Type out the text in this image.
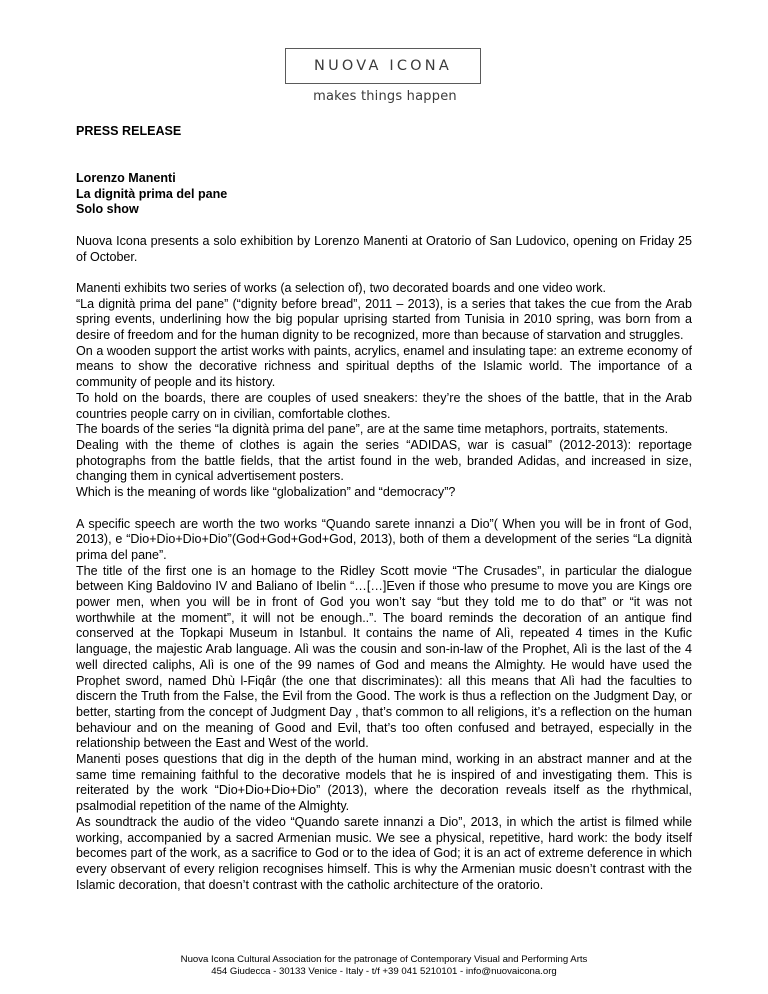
NUOVA ICONA
makes things happen

PRESS RELEASE

Lorenzo Manenti
La dignità prima del pane
Solo show

Nuova Icona presents a solo exhibition by Lorenzo Manenti at Oratorio of San Ludovico, opening on Friday 25 of October.

Manenti exhibits two series of works (a selection of), two decorated boards and one video work.

“La dignità prima del pane” (“dignity before bread”, 2011 – 2013), is a series that takes the cue from the Arab spring events, underlining how the big popular uprising started from Tunisia in 2010 spring, was born from a desire of freedom and for the human dignity to be recognized, more than because of starvation and struggles.

On a wooden support the artist works with paints, acrylics, enamel and insulating tape: an extreme economy of means to show the decorative richness and spiritual depths of the Islamic world. The importance of a community of people and its history.

To hold on the boards, there are couples of used sneakers: they’re the shoes of the battle, that in the Arab countries people carry on in civilian, comfortable clothes.

The boards of the series “la dignità prima del pane”, are at the same time metaphors, portraits, statements.

Dealing with the theme of clothes is again the series “ADIDAS, war is casual” (2012-2013): reportage photographs from the battle fields, that the artist found in the web, branded Adidas, and increased in size, changing them in cynical advertisement posters.

Which is the meaning of words like “globalization” and “democracy”?

A specific speech are worth the two works “Quando sarete innanzi a Dio”( When you will be in front of God, 2013), e “Dio+Dio+Dio+Dio”(God+God+God+God, 2013), both of them a development of the series “La dignità prima del pane”.

The title of the first one is an homage to the Ridley Scott movie “The Crusades”, in particular the dialogue between King Baldovino IV and Baliano of Ibelin “…[…]Even if those who presume to move you are Kings ore power men, when you will be in front of God you won’t say “but they told me to do that” or “it was not worthwhile at the moment”, it will not be enough..”. The board reminds the decoration of an antique find conserved at the Topkapi Museum in Istanbul. It contains the name of Alì, repeated 4 times in the Kufic language, the majestic Arab language. Alì was the cousin and son-in-law of the Prophet, Alì is the last of the 4 well directed caliphs, Alì is one of the 99 names of God and means the Almighty. He would have used the Prophet sword, named Dhù l-Fiqâr (the one that discriminates): all this means that Alì had the faculties to discern the Truth from the False, the Evil from the Good. The work is thus a reflection on the Judgment Day, or better, starting from the concept of Judgment Day , that’s common to all religions, it’s a reflection on the human behaviour and on the meaning of Good and Evil, that’s too often confused and betrayed, especially in the relationship between the East and West of the world.

Manenti poses questions that dig in the depth of the human mind, working in an abstract manner and at the same time remaining faithful to the decorative models that he is inspired of and investigating them. This is reiterated by the work “Dio+Dio+Dio+Dio” (2013), where the decoration reveals itself as the rhythmical, psalmodial repetition of the name of the Almighty.

As soundtrack the audio of the video “Quando sarete innanzi a Dio”, 2013, in which the artist is filmed while working, accompanied by a sacred Armenian music. We see a physical, repetitive, hard work: the body itself becomes part of the work, as a sacrifice to God or to the idea of God; it is an act of extreme deference in which every observant of every religion recognises himself. This is why the Armenian music doesn’t contrast with the Islamic decoration, that doesn’t contrast with the catholic architecture of the oratorio.

Nuova Icona Cultural Association for the patronage of Contemporary Visual and Performing Arts
454 Giudecca - 30133 Venice - Italy - t/f +39 041 5210101 - info@nuovaicona.org
